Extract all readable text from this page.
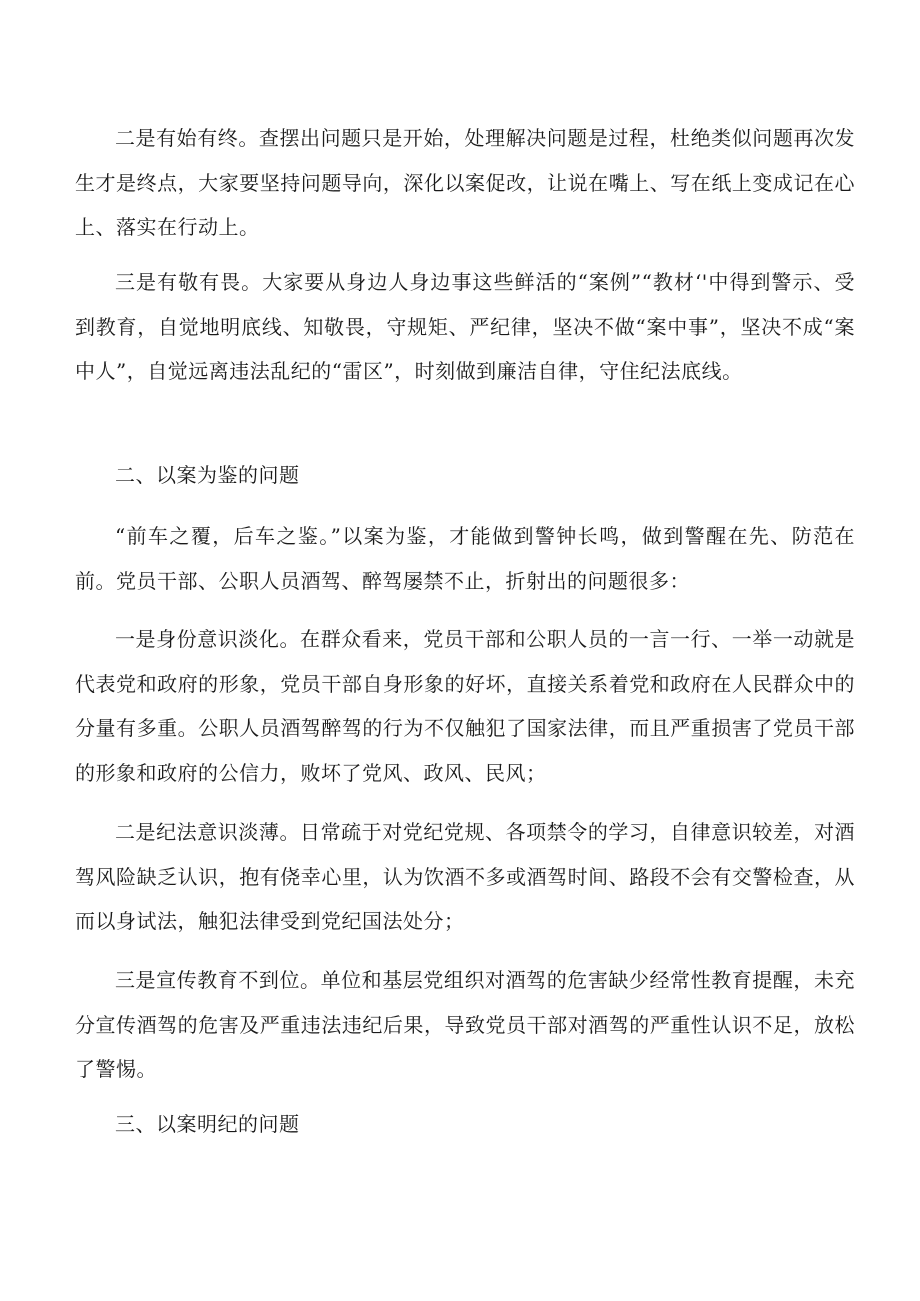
二是有始有终。查摆出问题只是开始，处理解决问题是过程，杜绝类似问题再次发生才是终点，大家要坚持问题导向，深化以案促改，让说在嘴上、写在纸上变成记在心上、落实在行动上。

三是有敬有畏。大家要从身边人身边事这些鲜活的“案例”“教材‘'中得到警示、受到教育，自觉地明底线、知敬畏，守规矩、严纪律，坚决不做“案中事”，坚决不成“案中人”，自觉远离违法乱纪的“雷区”，时刻做到廉洁自律，守住纪法底线。

二、以案为鉴的问题

“前车之覆，后车之鉴。”以案为鉴，才能做到警钟长鸣，做到警醒在先、防范在前。党员干部、公职人员酒驾、醉驾屡禁不止，折射出的问题很多：

一是身份意识淡化。在群众看来，党员干部和公职人员的一言一行、一举一动就是代表党和政府的形象，党员干部自身形象的好坏，直接关系着党和政府在人民群众中的分量有多重。公职人员酒驾醉驾的行为不仅触犯了国家法律，而且严重损害了党员干部的形象和政府的公信力，败坏了党风、政风、民风；

二是纪法意识淡薄。日常疏于对党纪党规、各项禁令的学习，自律意识较差，对酒驾风险缺乏认识，抱有侥幸心里，认为饮酒不多或酒驾时间、路段不会有交警检查，从而以身试法，触犯法律受到党纪国法处分；

三是宣传教育不到位。单位和基层党组织对酒驾的危害缺少经常性教育提醒，未充分宣传酒驾的危害及严重违法违纪后果，导致党员干部对酒驾的严重性认识不足，放松了警惕。

三、以案明纪的问题
